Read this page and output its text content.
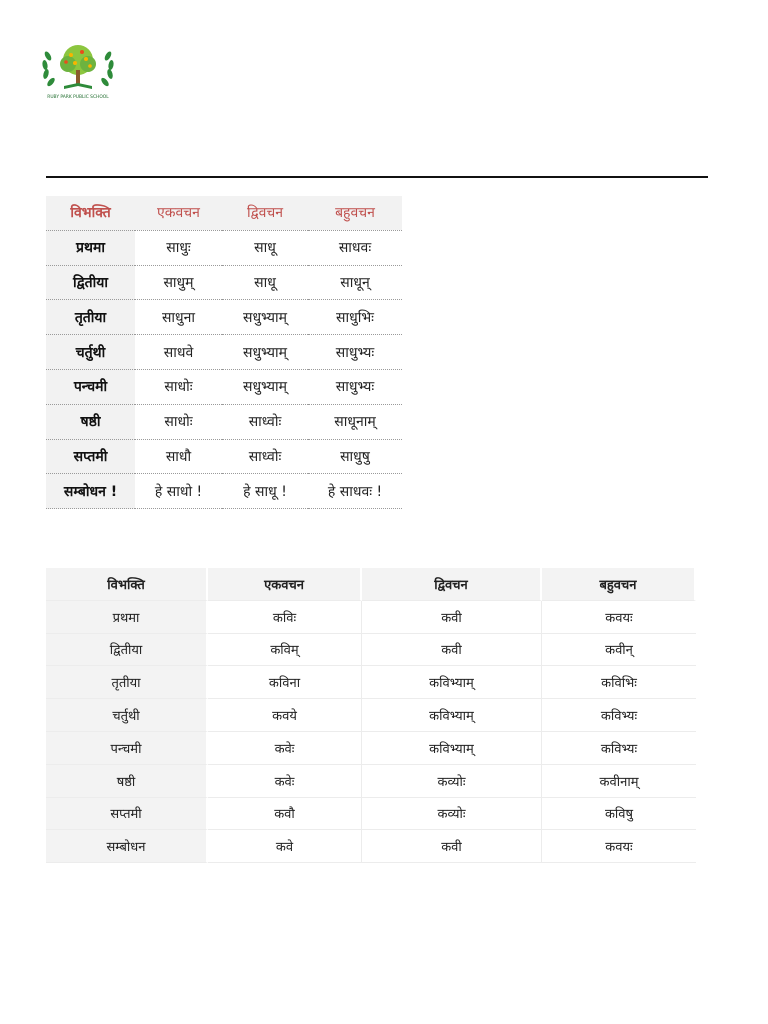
RUBY PARK PUBLIC SCHOOL
विभक्ति	एकवचन	द्विवचन	बहुवचन
प्रथमा	साधुः	साधू	साधवः
द्वितीया	साधुम्	साधू	साधून्
तृतीया	साधुना	सधुभ्याम्	साधुभिः
चर्तुथी	साधवे	सधुभ्याम्	साधुभ्यः
पन्चमी	साधोः	सधुभ्याम्	साधुभ्यः
षष्ठी	साधोः	साध्वोः	साधूनाम्
सप्तमी	साधौ	साध्वोः	साधुषु
सम्बोधन !	हे साधो !	हे साधू !	हे साधवः !
विभक्ति	एकवचन	द्विवचन	बहुवचन
प्रथमा	कविः	कवी	कवयः
द्वितीया	कविम्	कवी	कवीन्
तृतीया	कविना	कविभ्याम्	कविभिः
चर्तुथी	कवये	कविभ्याम्	कविभ्यः
पन्चमी	कवेः	कविभ्याम्	कविभ्यः
षष्ठी	कवेः	कव्योः	कवीनाम्
सप्तमी	कवौ	कव्योः	कविषु
सम्बोधन	कवे	कवी	कवयः
